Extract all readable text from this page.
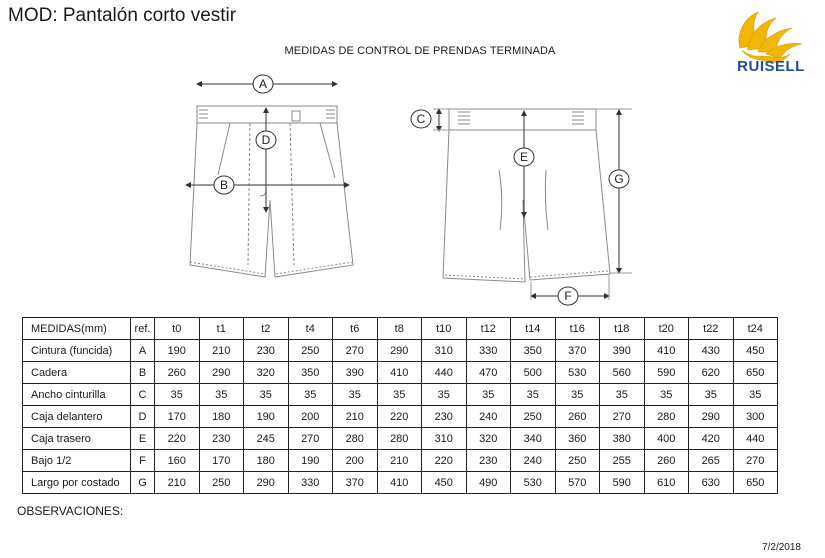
MOD: Pantalón corto vestir
MEDIDAS DE CONTROL DE PRENDAS TERMINADA
RUISELL
A
B
C
D
E
F
G
MEDIDAS(mm)	ref.	t0	t1	t2	t4	t6	t8	t10	t12	t14	t16	t18	t20	t22	t24
Cintura (funcida)	A	190	210	230	250	270	290	310	330	350	370	390	410	430	450
Cadera	B	260	290	320	350	390	410	440	470	500	530	560	590	620	650
Ancho cinturilla	C	35	35	35	35	35	35	35	35	35	35	35	35	35	35
Caja delantero	D	170	180	190	200	210	220	230	240	250	260	270	280	290	300
Caja trasero	E	220	230	245	270	280	280	310	320	340	360	380	400	420	440
Bajo 1/2	F	160	170	180	190	200	210	220	230	240	250	255	260	265	270
Largo por costado	G	210	250	290	330	370	410	450	490	530	570	590	610	630	650
OBSERVACIONES:
7/2/2018
